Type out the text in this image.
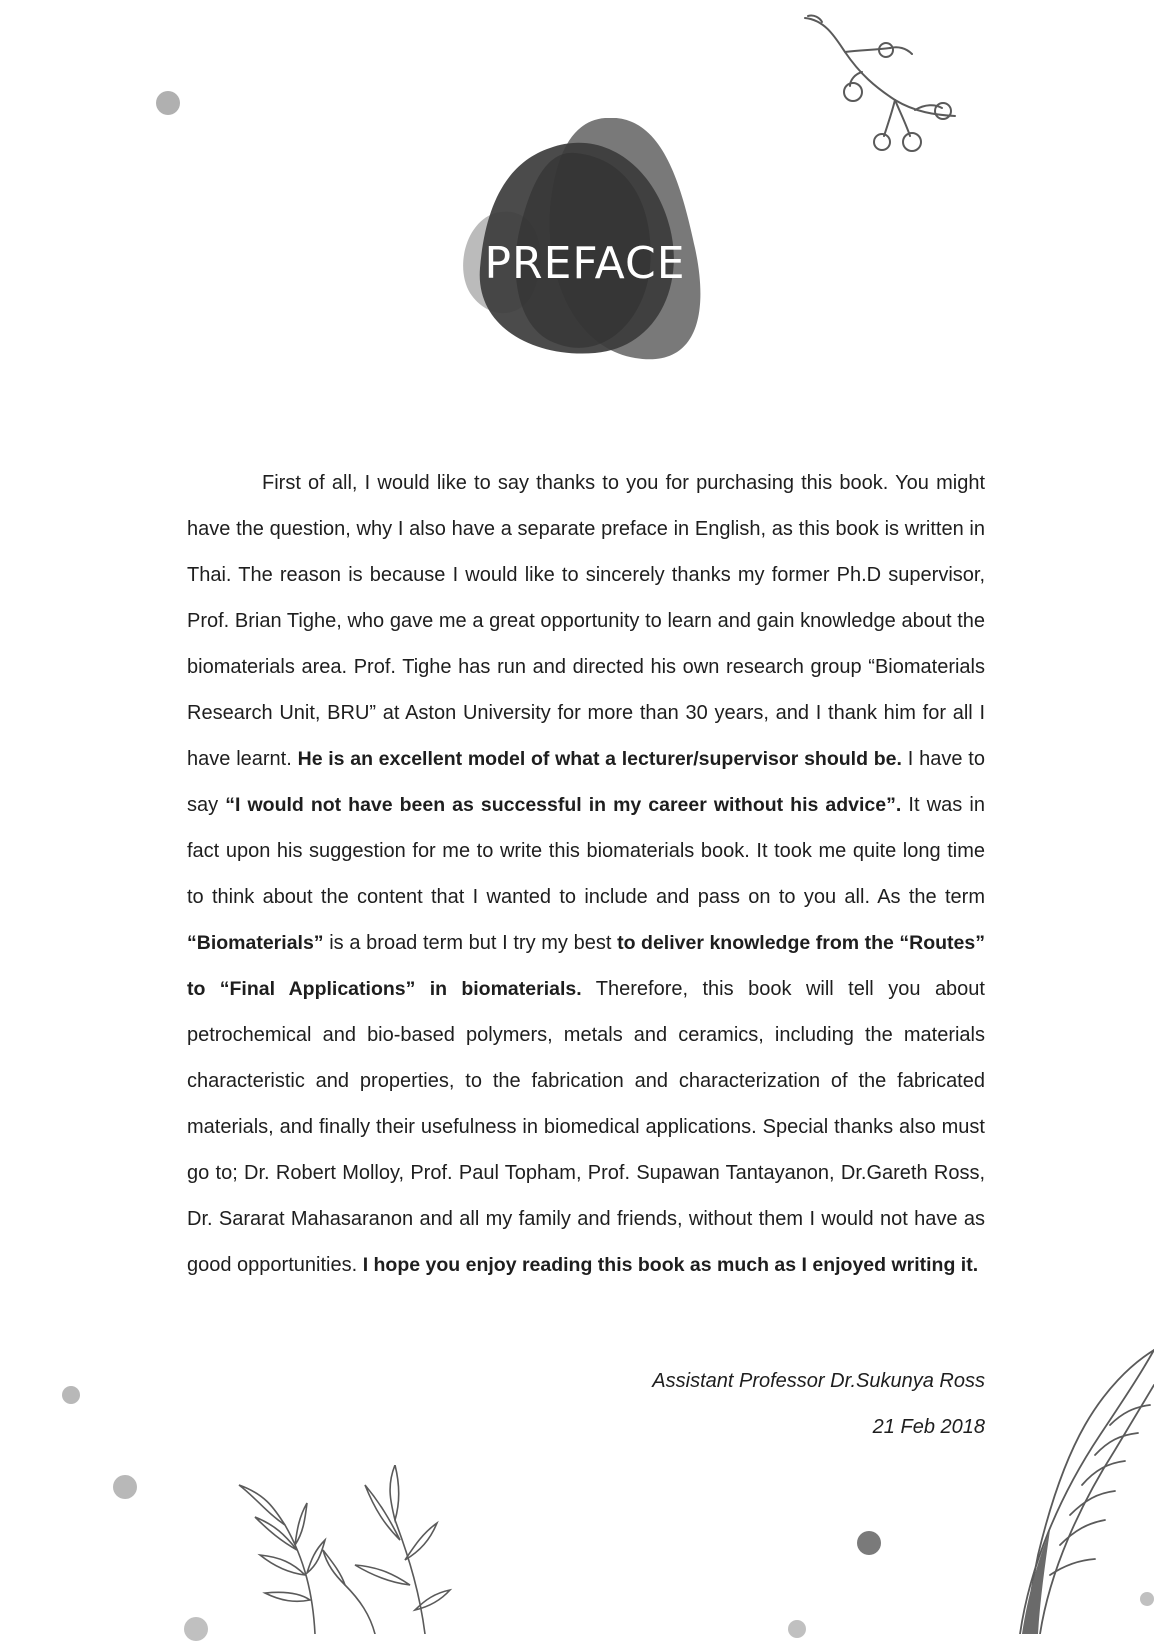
PREFACE

First of all, I would like to say thanks to you for purchasing this book. You might have the question, why I also have a separate preface in English, as this book is written in Thai. The reason is because I would like to sincerely thanks my former Ph.D supervisor, Prof. Brian Tighe, who gave me a great opportunity to learn and gain knowledge about the biomaterials area. Prof. Tighe has run and directed his own research group “Biomaterials Research Unit, BRU” at Aston University for more than 30 years, and I thank him for all I have learnt. He is an excellent model of what a lecturer/supervisor should be. I have to say “I would not have been as successful in my career without his advice”. It was in fact upon his suggestion for me to write this biomaterials book. It took me quite long time to think about the content that I wanted to include and pass on to you all. As the term “Biomaterials” is a broad term but I try my best to deliver knowledge from the “Routes” to “Final Applications” in biomaterials. Therefore, this book will tell you about petrochemical and bio-based polymers, metals and ceramics, including the materials characteristic and properties, to the fabrication and characterization of the fabricated materials, and finally their usefulness in biomedical applications. Special thanks also must go to; Dr. Robert Molloy, Prof. Paul Topham, Prof. Supawan Tantayanon, Dr.Gareth Ross, Dr. Sararat Mahasaranon and all my family and friends, without them I would not have as good opportunities. I hope you enjoy reading this book as much as I enjoyed writing it.

Assistant Professor Dr.Sukunya Ross
21 Feb 2018
